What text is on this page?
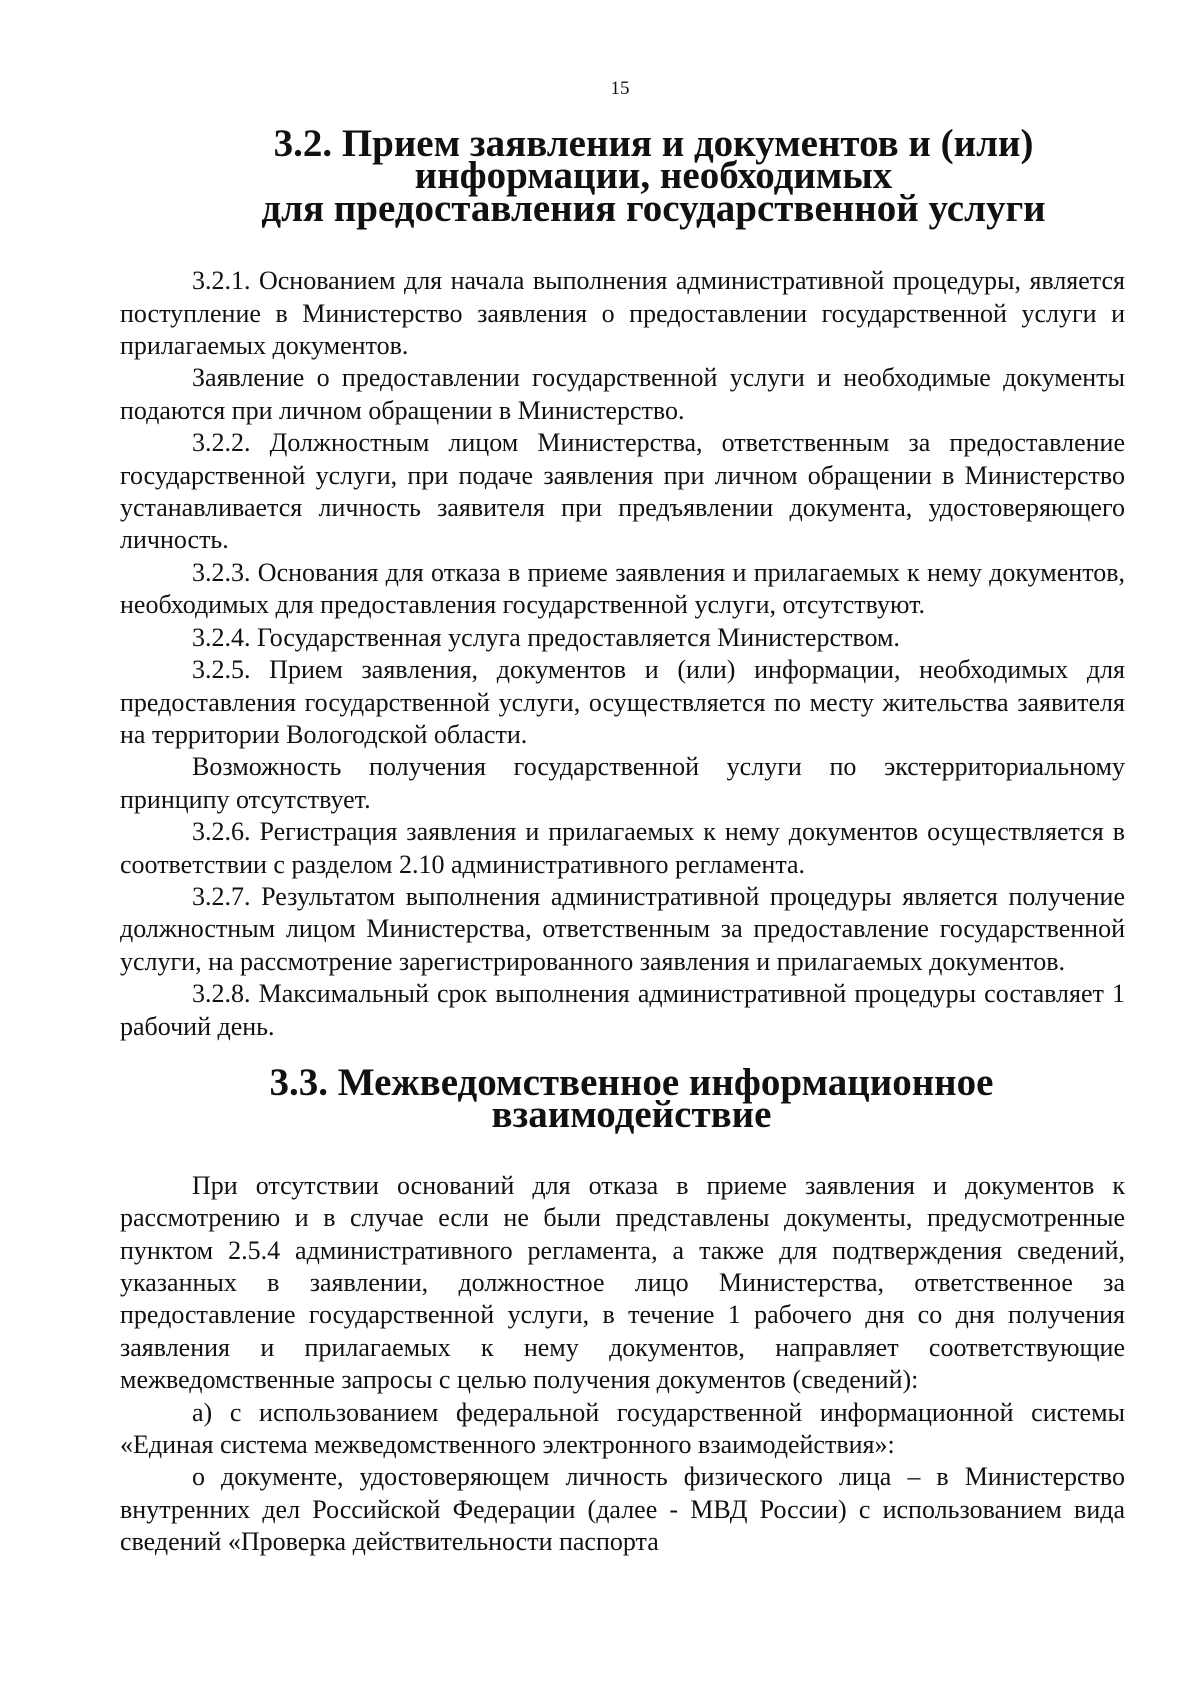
15
3.2. Прием заявления и документов и (или) информации, необходимых
для предоставления государственной услуги

3.2.1. Основанием для начала выполнения административной процедуры, является поступление в Министерство заявления о предоставлении государственной услуги и прилагаемых документов.

Заявление о предоставлении государственной услуги и необходимые документы подаются при личном обращении в Министерство.

3.2.2. Должностным лицом Министерства, ответственным за предоставление государственной услуги, при подаче заявления при личном обращении в Министерство устанавливается личность заявителя при предъявлении документа, удостоверяющего личность.

3.2.3. Основания для отказа в приеме заявления и прилагаемых к нему документов, необходимых для предоставления государственной услуги, отсутствуют.

3.2.4. Государственная услуга предоставляется Министерством.

3.2.5. Прием заявления, документов и (или) информации, необходимых для предоставления государственной услуги, осуществляется по месту жительства заявителя на территории Вологодской области.

Возможность получения государственной услуги по экстерриториальному принципу отсутствует.

3.2.6. Регистрация заявления и прилагаемых к нему документов осуществляется в соответствии с разделом 2.10 административного регламента.

3.2.7. Результатом выполнения административной процедуры является получение должностным лицом Министерства, ответственным за предоставление государственной услуги, на рассмотрение зарегистрированного заявления и прилагаемых документов.

3.2.8. Максимальный срок выполнения административной процедуры составляет 1 рабочий день.

3.3. Межведомственное информационное взаимодействие

При отсутствии оснований для отказа в приеме заявления и документов к рассмотрению и в случае если не были представлены документы, предусмотренные пунктом 2.5.4 административного регламента, а также для подтверждения сведений, указанных в заявлении, должностное лицо Министерства, ответственное за предоставление государственной услуги, в течение 1 рабочего дня со дня получения заявления и прилагаемых к нему документов, направляет соответствующие межведомственные запросы с целью получения документов (сведений):

а) с использованием федеральной государственной информационной системы «Единая система межведомственного электронного взаимодействия»:

о документе, удостоверяющем личность физического лица – в Министерство внутренних дел Российской Федерации (далее - МВД России) с использованием вида сведений «Проверка действительности паспорта
